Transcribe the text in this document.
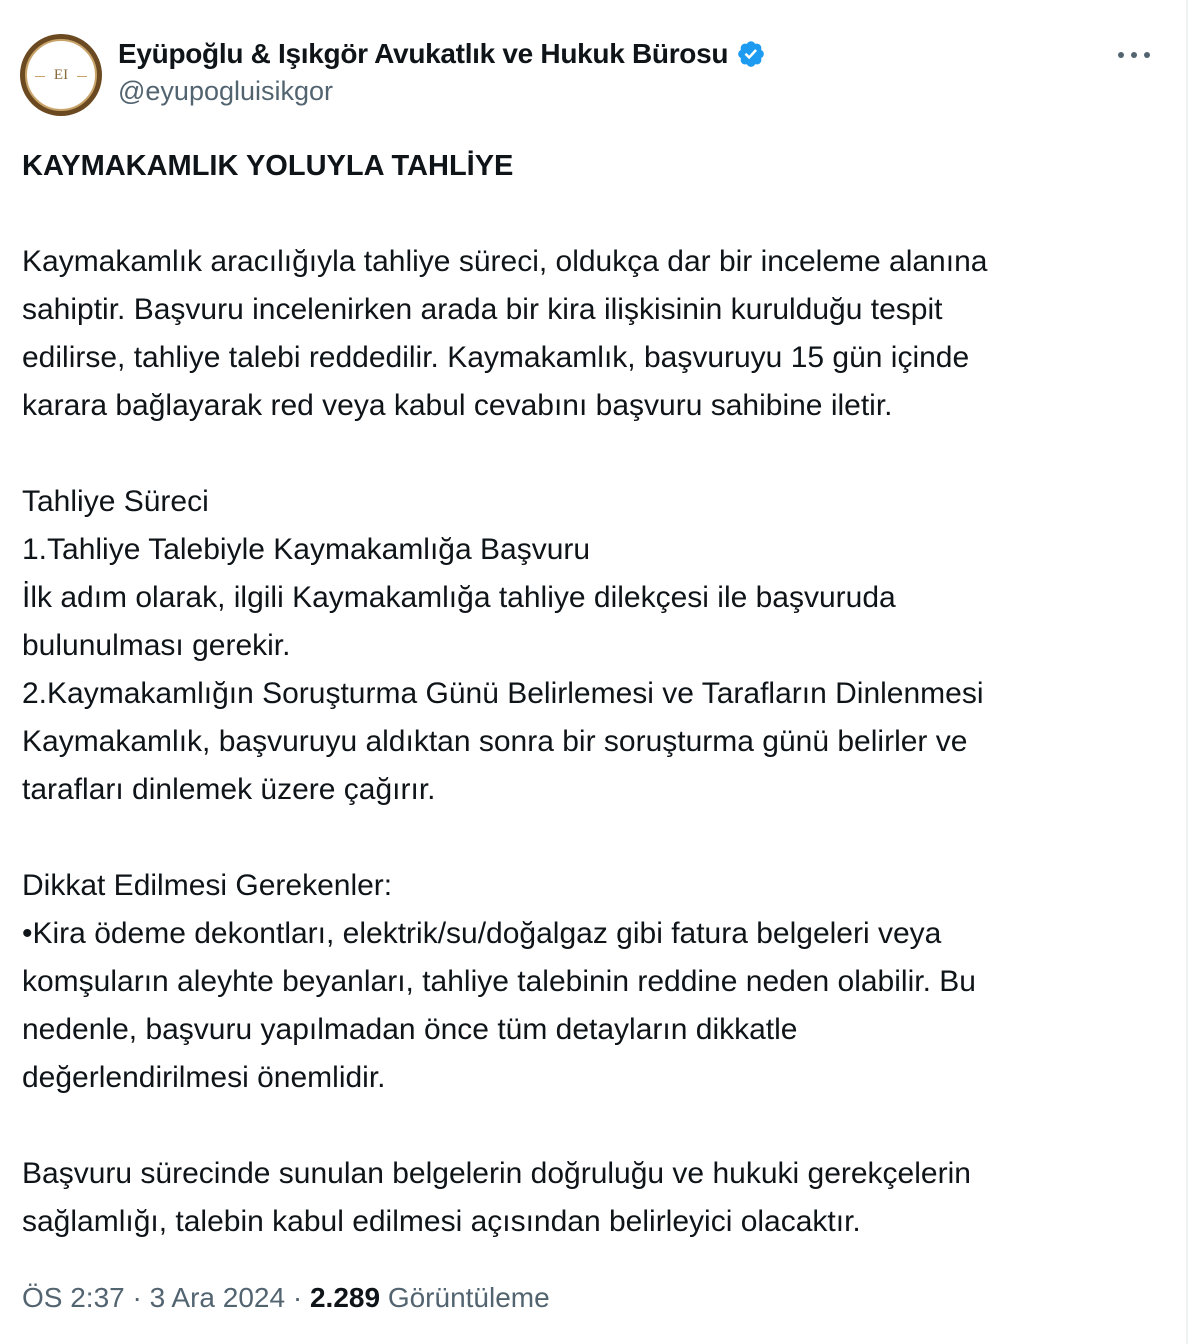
EI
Eyüpoğlu & Işıkgör Avukatlık ve Hukuk Bürosu
@eyupogluisikgor
KAYMAKAMLIK YOLUYLA TAHLİYE
Kaymakamlık aracılığıyla tahliye süreci, oldukça dar bir inceleme alanına
sahiptir. Başvuru incelenirken arada bir kira ilişkisinin kurulduğu tespit
edilirse, tahliye talebi reddedilir. Kaymakamlık, başvuruyu 15 gün içinde
karara bağlayarak red veya kabul cevabını başvuru sahibine iletir.
Tahliye Süreci
1.Tahliye Talebiyle Kaymakamlığa Başvuru
İlk adım olarak, ilgili Kaymakamlığa tahliye dilekçesi ile başvuruda
bulunulması gerekir.
2.Kaymakamlığın Soruşturma Günü Belirlemesi ve Tarafların Dinlenmesi
Kaymakamlık, başvuruyu aldıktan sonra bir soruşturma günü belirler ve
tarafları dinlemek üzere çağırır.
Dikkat Edilmesi Gerekenler:
•Kira ödeme dekontları, elektrik/su/doğalgaz gibi fatura belgeleri veya
komşuların aleyhte beyanları, tahliye talebinin reddine neden olabilir. Bu
nedenle, başvuru yapılmadan önce tüm detayların dikkatle
değerlendirilmesi önemlidir.
Başvuru sürecinde sunulan belgelerin doğruluğu ve hukuki gerekçelerin
sağlamlığı, talebin kabul edilmesi açısından belirleyici olacaktır.
ÖS 2:37 · 3 Ara 2024 · 2.289 Görüntüleme
